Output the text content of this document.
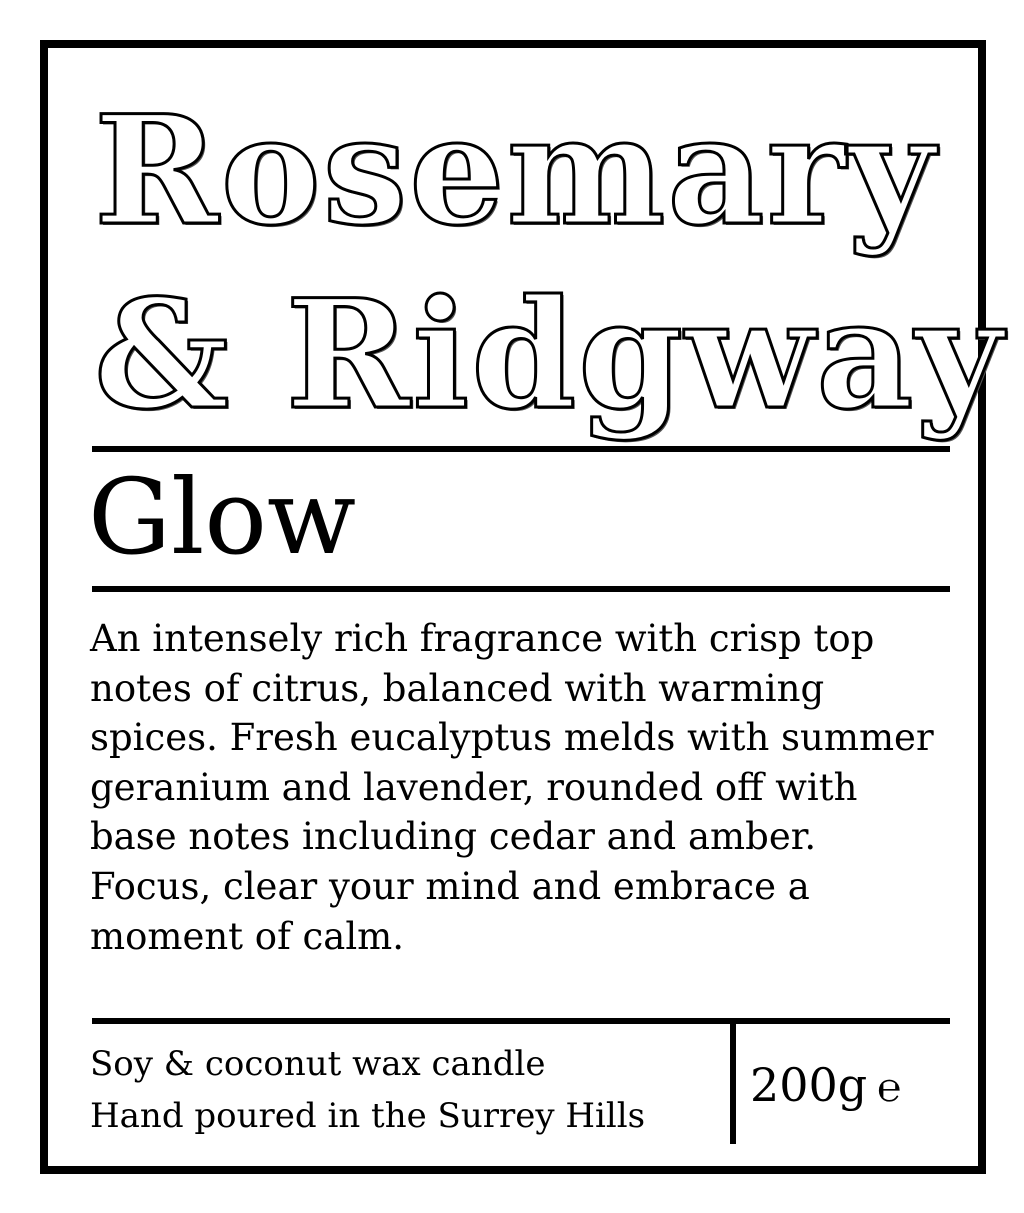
Rosemary
& Ridgway
Glow

An intensely rich fragrance with crisp top notes of citrus, balanced with warming spices. Fresh eucalyptus melds with summer geranium and lavender, rounded off with base notes including cedar and amber.

Focus, clear your mind and embrace a moment of calm.

Soy & coconut wax candle
Hand poured in the Surrey Hills
200g ℮
